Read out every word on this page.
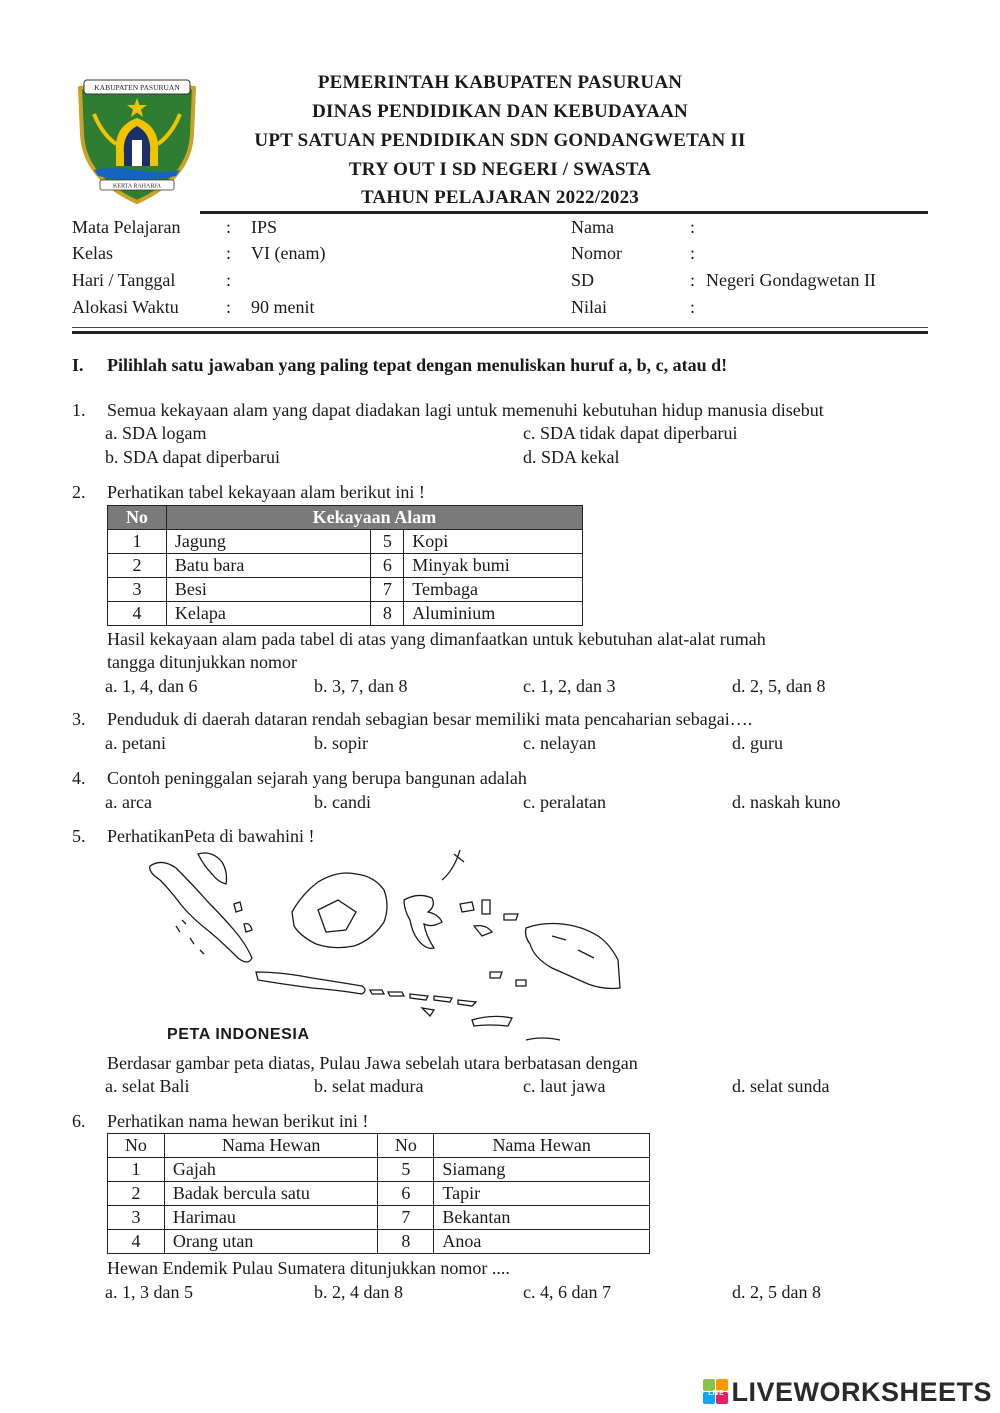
KABUPATEN PASURUAN
KERTA RAHARJA
PEMERINTAH KABUPATEN PASURUAN
DINAS PENDIDIKAN DAN KEBUDAYAAN
UPT SATUAN PENDIDIKAN SDN GONDANGWETAN II
TRY OUT I SD NEGERI / SWASTA
TAHUN PELAJARAN 2022/2023
Mata Pelajaran	: IPS
Kelas	: VI (enam)
Hari / Tanggal	:
Alokasi Waktu	: 90 menit
Nama	:
Nomor	:
SD	: Negeri Gondagwetan II
Nilai	:
I. Pilihlah satu jawaban yang paling tepat dengan menuliskan huruf a, b, c, atau d!
1. Semua kekayaan alam yang dapat diadakan lagi untuk memenuhi kebutuhan hidup manusia disebut
a. SDA logam	c. SDA tidak dapat diperbarui
b. SDA dapat diperbarui	d. SDA kekal
2. Perhatikan tabel kekayaan alam berikut ini !
No	Kekayaan Alam		
1	Jagung	5	Kopi
2	Batu bara	6	Minyak bumi
3	Besi	7	Tembaga
4	Kelapa	8	Aluminium
Hasil kekayaan alam pada tabel di atas yang dimanfaatkan untuk kebutuhan alat-alat rumah
tangga ditunjukkan nomor
a. 1, 4, dan 6	b. 3, 7, dan 8	c. 1, 2, dan 3	d. 2, 5, dan 8
3. Penduduk di daerah dataran rendah sebagian besar memiliki mata pencaharian sebagai….
a. petani	b. sopir	c. nelayan	d. guru
4. Contoh peninggalan sejarah yang berupa bangunan adalah
a. arca	b. candi	c. peralatan	d. naskah kuno
5. PerhatikanPeta di bawahini !
PETA INDONESIA
Berdasar gambar peta diatas, Pulau Jawa sebelah utara berbatasan dengan
a. selat Bali	b. selat madura	c. laut jawa	d. selat sunda
6. Perhatikan nama hewan berikut ini !
No	Nama Hewan	No	Nama Hewan
1	Gajah	5	Siamang
2	Badak bercula satu	6	Tapir
3	Harimau	7	Bekantan
4	Orang utan	8	Anoa
Hewan Endemik Pulau Sumatera ditunjukkan nomor ....
a. 1, 3 dan 5	b. 2, 4 dan 8	c. 4, 6 dan 7	d. 2, 5 dan 8
LIVE LIVEWORKSHEETS
